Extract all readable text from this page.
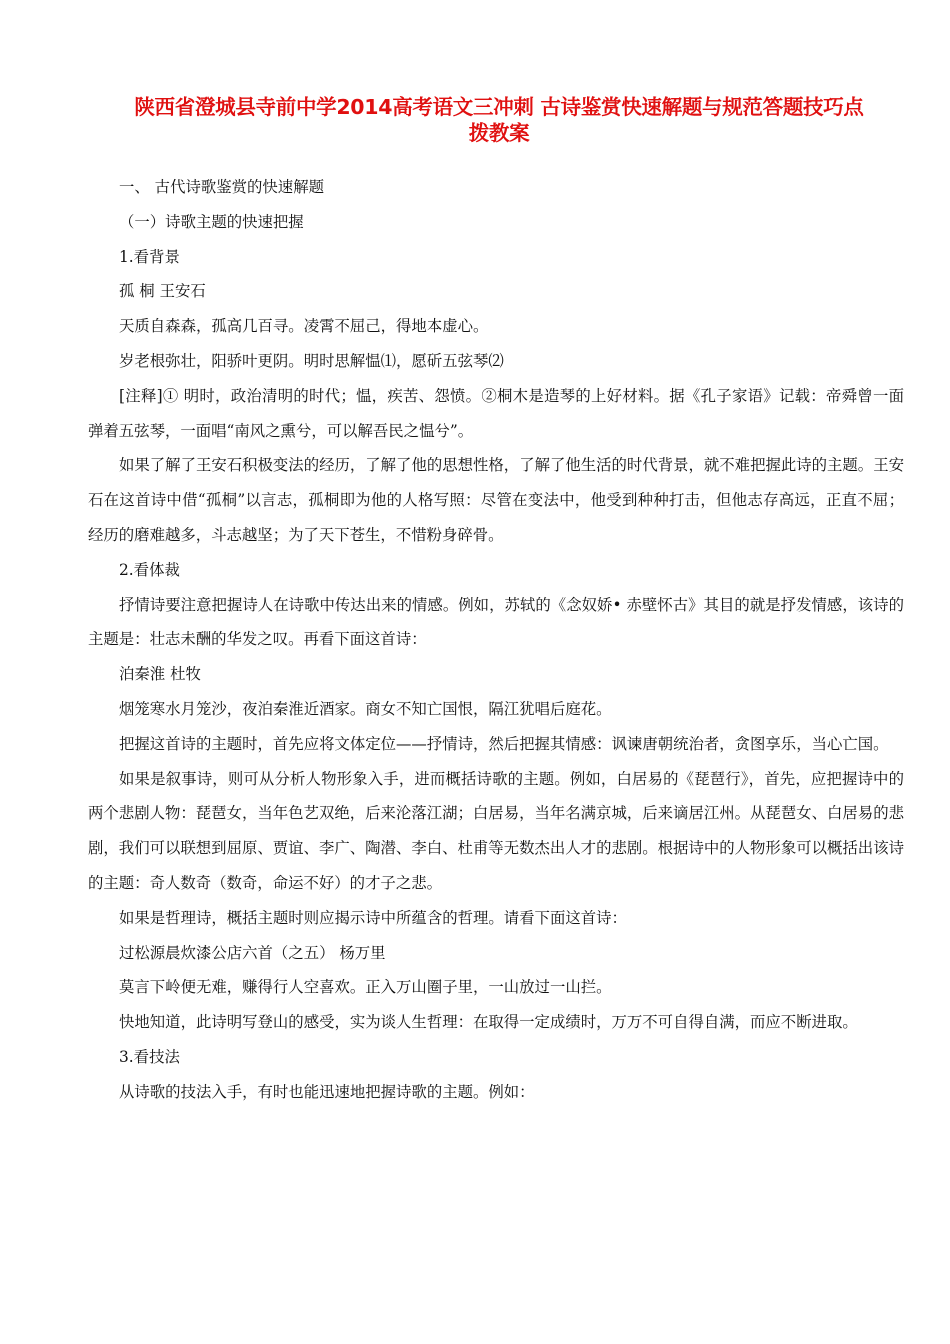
陕西省澄城县寺前中学2014高考语文三冲刺 古诗鉴赏快速解题与规范答题技巧点
拨教案

一、 古代诗歌鉴赏的快速解题

（一）诗歌主题的快速把握

1.看背景

孤 桐 王安石

天质自森森，孤高几百寻。凌霄不屈己，得地本虚心。

岁老根弥壮，阳骄叶更阴。明时思解愠⑴，愿斫五弦琴⑵

[注释]① 明时，政治清明的时代；愠，疾苦、怨愤。②桐木是造琴的上好材料。据《孔子家语》记载：帝舜曾一面弹着五弦琴，一面唱“南风之熏兮，可以解吾民之愠兮”。

如果了解了王安石积极变法的经历，了解了他的思想性格，了解了他生活的时代背景，就不难把握此诗的主题。王安石在这首诗中借“孤桐”以言志，孤桐即为他的人格写照：尽管在变法中，他受到种种打击，但他志存高远，正直不屈；经历的磨难越多，斗志越坚；为了天下苍生，不惜粉身碎骨。

2.看体裁

抒情诗要注意把握诗人在诗歌中传达出来的情感。例如，苏轼的《念奴娇• 赤壁怀古》其目的就是抒发情感，该诗的主题是：壮志未酬的华发之叹。再看下面这首诗：

泊秦淮 杜牧

烟笼寒水月笼沙，夜泊秦淮近酒家。商女不知亡国恨，隔江犹唱后庭花。

把握这首诗的主题时，首先应将文体定位——抒情诗，然后把握其情感：讽谏唐朝统治者，贪图享乐，当心亡国。

如果是叙事诗，则可从分析人物形象入手，进而概括诗歌的主题。例如，白居易的《琵琶行》，首先，应把握诗中的两个悲剧人物：琵琶女，当年色艺双绝，后来沦落江湖；白居易，当年名满京城，后来谪居江州。从琵琶女、白居易的悲剧，我们可以联想到屈原、贾谊、李广、陶潜、李白、杜甫等无数杰出人才的悲剧。根据诗中的人物形象可以概括出该诗的主题：奇人数奇（数奇，命运不好）的才子之悲。

如果是哲理诗，概括主题时则应揭示诗中所蕴含的哲理。请看下面这首诗：

过松源晨炊漆公店六首（之五） 杨万里

莫言下岭便无难，赚得行人空喜欢。正入万山圈子里，一山放过一山拦。

快地知道，此诗明写登山的感受，实为谈人生哲理：在取得一定成绩时，万万不可自得自满，而应不断进取。

3.看技法

从诗歌的技法入手，有时也能迅速地把握诗歌的主题。例如：
